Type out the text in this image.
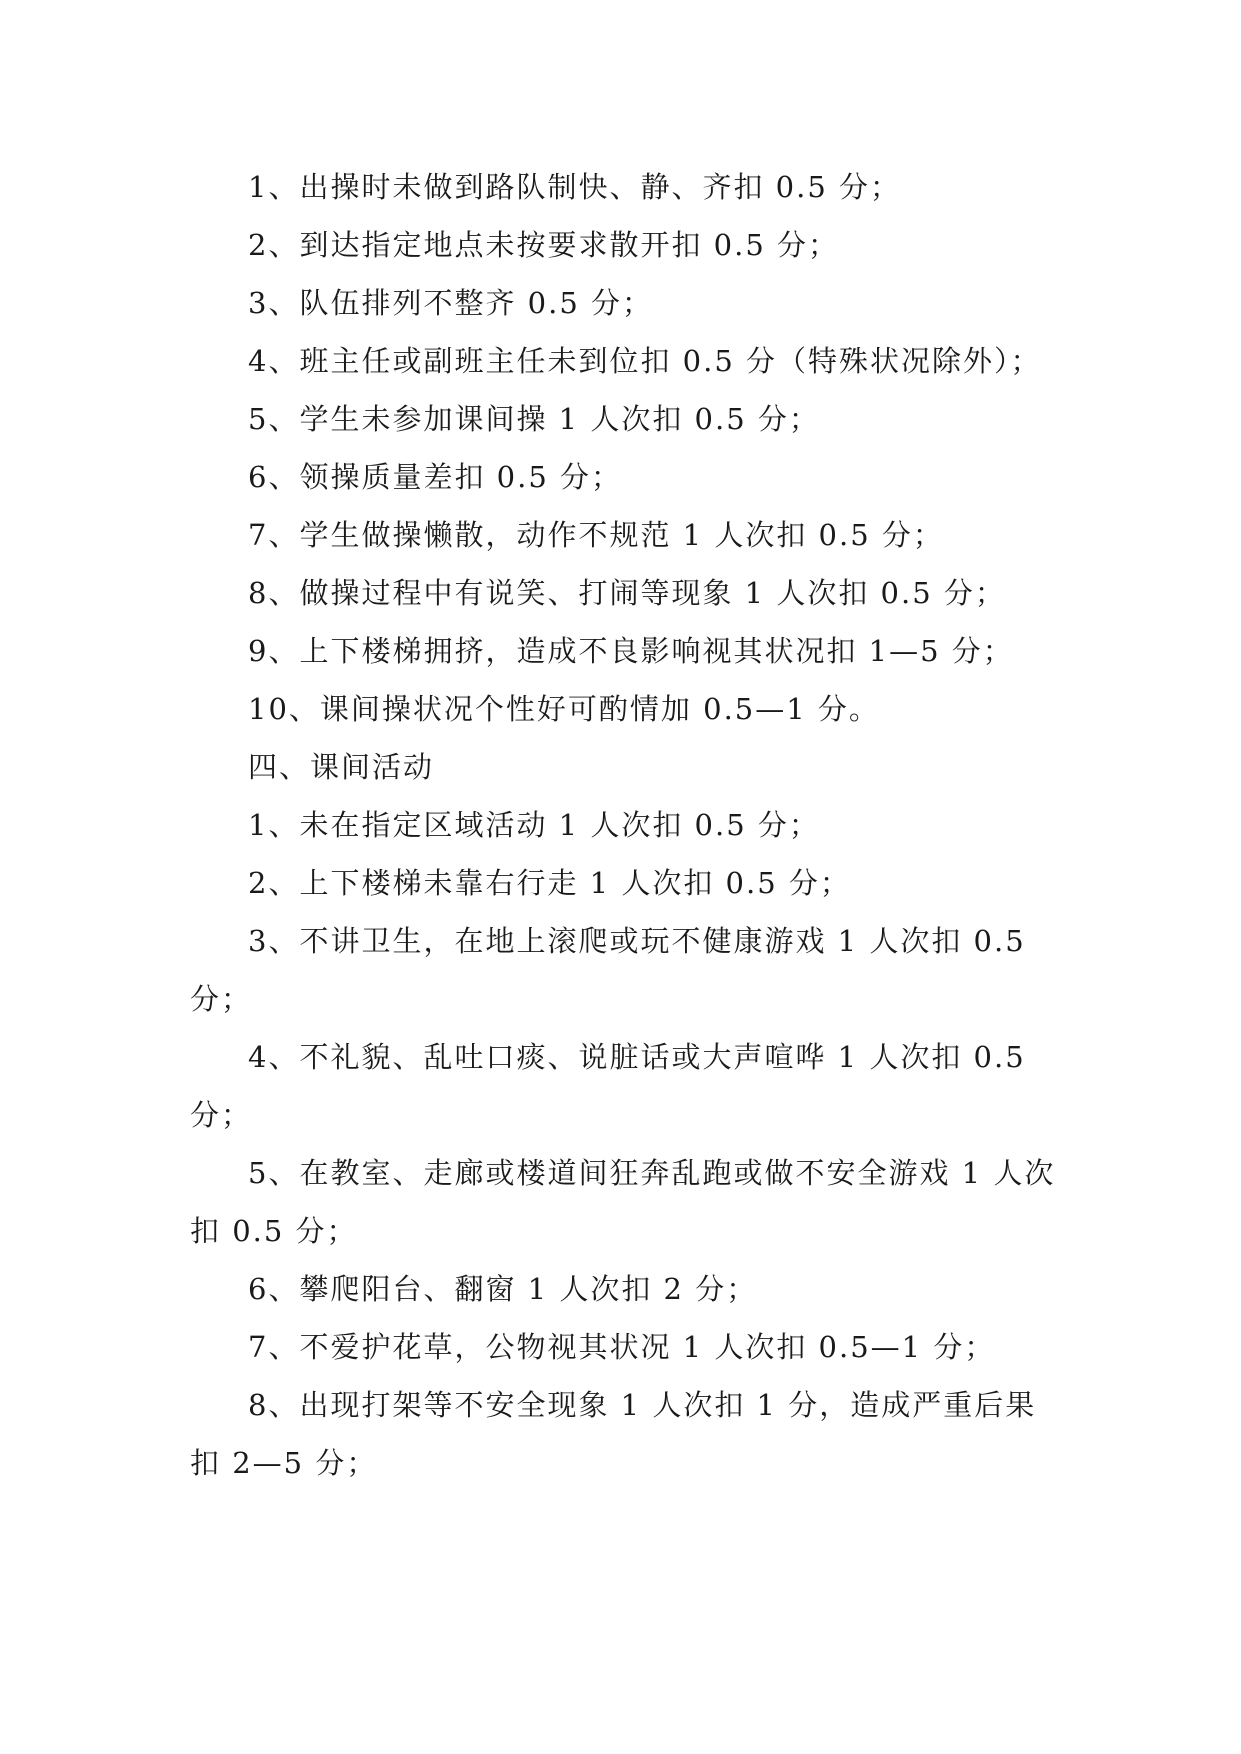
1、出操时未做到路队制快、静、齐扣 0.5 分；

2、到达指定地点未按要求散开扣 0.5 分；

3、队伍排列不整齐 0.5 分；

4、班主任或副班主任未到位扣 0.5 分（特殊状况除外）；

5、学生未参加课间操 1 人次扣 0.5 分；

6、领操质量差扣 0.5 分；

7、学生做操懒散，动作不规范 1 人次扣 0.5 分；

8、做操过程中有说笑、打闹等现象 1 人次扣 0.5 分；

9、上下楼梯拥挤，造成不良影响视其状况扣 1—5 分；

10、课间操状况个性好可酌情加 0.5—1 分。

四、课间活动

1、未在指定区域活动 1 人次扣 0.5 分；

2、上下楼梯未靠右行走 1 人次扣 0.5 分；

3、不讲卫生，在地上滚爬或玩不健康游戏 1 人次扣 0.5 分；

4、不礼貌、乱吐口痰、说脏话或大声喧哗 1 人次扣 0.5 分；

5、在教室、走廊或楼道间狂奔乱跑或做不安全游戏 1 人次扣 0.5 分；

6、攀爬阳台、翻窗 1 人次扣 2 分；

7、不爱护花草，公物视其状况 1 人次扣 0.5—1 分；

8、出现打架等不安全现象 1 人次扣 1 分，造成严重后果扣 2—5 分；
